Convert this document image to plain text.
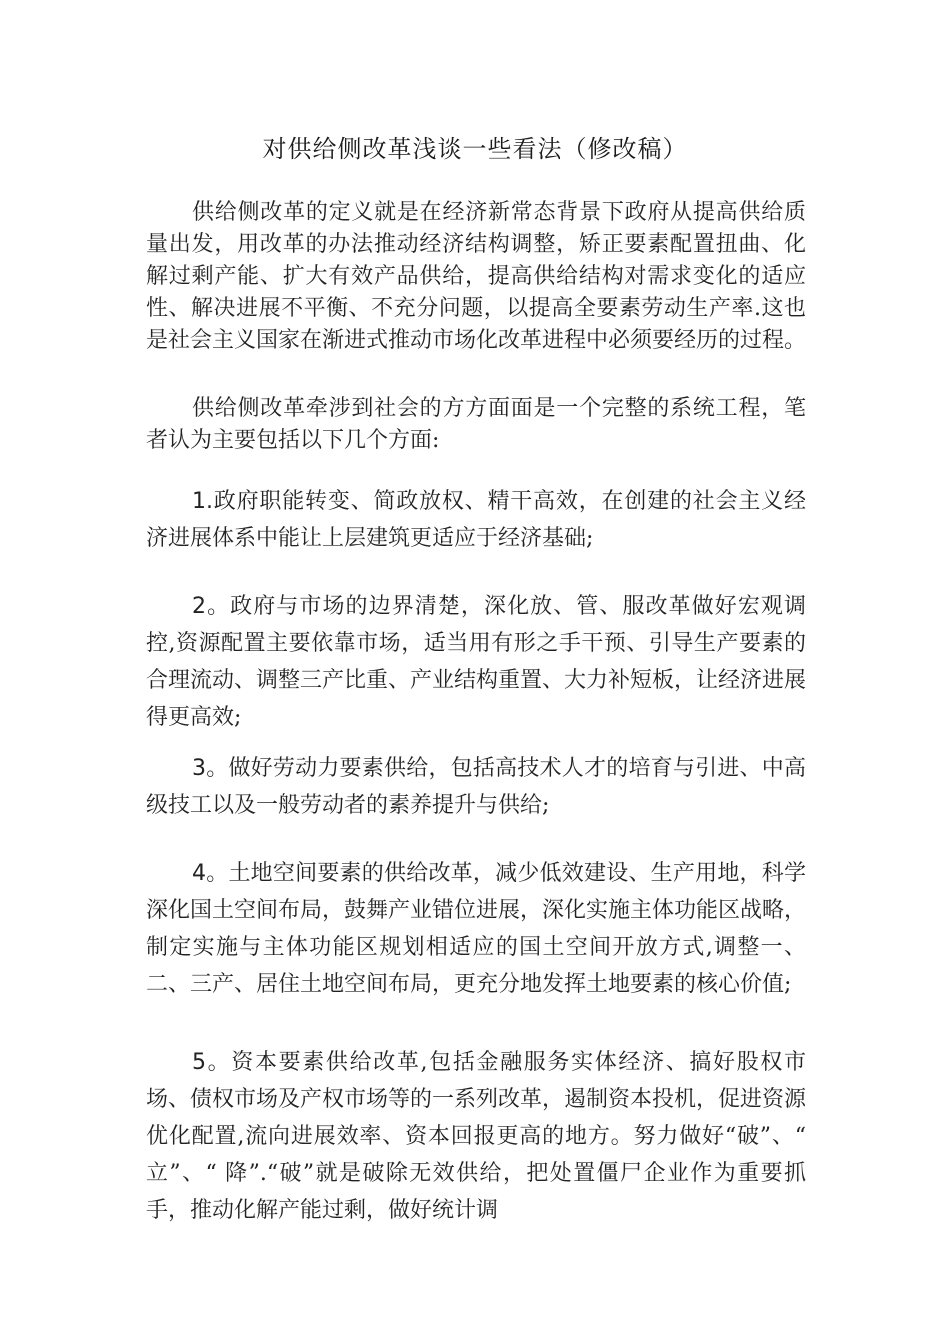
对供给侧改革浅谈一些看法（修改稿）

供给侧改革的定义就是在经济新常态背景下政府从提高供给质量出发，用改革的办法推动经济结构调整，矫正要素配置扭曲、化解过剩产能、扩大有效产品供给，提高供给结构对需求变化的适应性、解决进展不平衡、不充分问题，以提高全要素劳动生产率.这也是社会主义国家在渐进式推动市场化改革进程中必须要经历的过程。

供给侧改革牵涉到社会的方方面面是一个完整的系统工程，笔者认为主要包括以下几个方面:

1.政府职能转变、简政放权、精干高效，在创建的社会主义经济进展体系中能让上层建筑更适应于经济基础;

2。政府与市场的边界清楚，深化放、管、服改革做好宏观调控,资源配置主要依靠市场，适当用有形之手干预、引导生产要素的合理流动、调整三产比重、产业结构重置、大力补短板，让经济进展得更高效;

3。做好劳动力要素供给，包括高技术人才的培育与引进、中高级技工以及一般劳动者的素养提升与供给;

4。土地空间要素的供给改革，减少低效建设、生产用地，科学深化国土空间布局，鼓舞产业错位进展，深化实施主体功能区战略，制定实施与主体功能区规划相适应的国土空间开放方式,调整一、二、三产、居住土地空间布局，更充分地发挥土地要素的核心价值;

5。资本要素供给改革,包括金融服务实体经济、搞好股权市场、债权市场及产权市场等的一系列改革，遏制资本投机，促进资源优化配置,流向进展效率、资本回报更高的地方。努力做好“破”、“ 立”、“ 降”.“破”就是破除无效供给，把处置僵尸企业作为重要抓手，推动化解产能过剩，做好统计调
